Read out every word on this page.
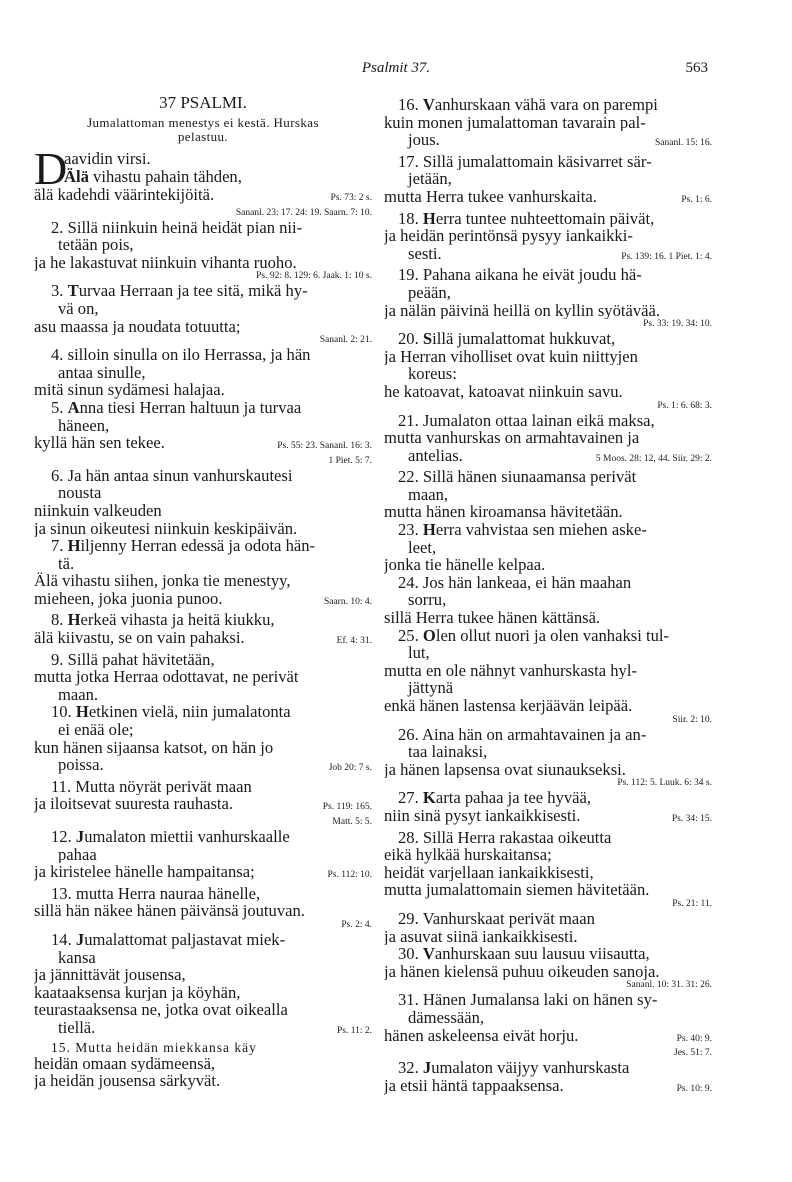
Psalmit 37.	563
37 PSALMI.
Jumalattoman menestys ei kestä. Hurskas
pelastuu.
D
aavidin virsi.
Älä vihastu pahain tähden,
älä kadehdi väärintekijöitä.	Ps. 73: 2 s.
Sananl. 23: 17. 24: 19. Saarn. 7: 10.
2. Sillä niinkuin heinä heidät pian nii-
tetään pois,
ja he lakastuvat niinkuin vihanta ruoho.
Ps. 92: 8. 129: 6. Jaak. 1: 10 s.
3. Turvaa Herraan ja tee sitä, mikä hy-
vä on,
asu maassa ja noudata totuutta;
Sananl. 2: 21.
4. silloin sinulla on ilo Herrassa, ja hän
antaa sinulle,
mitä sinun sydämesi halajaa.
5. Anna tiesi Herran haltuun ja turvaa
häneen,
kyllä hän sen tekee.	Ps. 55: 23. Sananl. 16: 3.
1 Piet. 5: 7.
6. Ja hän antaa sinun vanhurskautesi
nousta
niinkuin valkeuden
ja sinun oikeutesi niinkuin keskipäivän.
7. Hiljenny Herran edessä ja odota hän-
tä.
Älä vihastu siihen, jonka tie menestyy,
mieheen, joka juonia punoo.	Saarn. 10: 4.
8. Herkeä vihasta ja heitä kiukku,
älä kiivastu, se on vain pahaksi.	Ef. 4: 31.
9. Sillä pahat hävitetään,
mutta jotka Herraa odottavat, ne perivät
maan.
10. Hetkinen vielä, niin jumalatonta
ei enää ole;
kun hänen sijaansa katsot, on hän jo
poissa.	Job 20: 7 s.
11. Mutta nöyrät perivät maan
ja iloitsevat suuresta rauhasta.	Ps. 119: 165.
Matt. 5: 5.
12. Jumalaton miettii vanhurskaalle
pahaa
ja kiristelee hänelle hampaitansa;	Ps. 112: 10.
13. mutta Herra nauraa hänelle,
sillä hän näkee hänen päivänsä joutuvan.
Ps. 2: 4.
14. Jumalattomat paljastavat miek-
kansa
ja jännittävät jousensa,
kaataaksensa kurjan ja köyhän,
teurastaaksensa ne, jotka ovat oikealla
tiellä.	Ps. 11: 2.
15. Mutta heidän miekkansa käy
heidän omaan sydämeensä,
ja heidän jousensa särkyvät.
16. Vanhurskaan vähä vara on parempi
kuin monen jumalattoman tavarain pal-
jous.	Sananl. 15: 16.
17. Sillä jumalattomain käsivarret sär-
jetään,
mutta Herra tukee vanhurskaita.	Ps. 1: 6.
18. Herra tuntee nuhteettomain päivät,
ja heidän perintönsä pysyy iankaikki-
sesti.	Ps. 139: 16. 1 Piet. 1: 4.
19. Pahana aikana he eivät joudu hä-
peään,
ja nälän päivinä heillä on kyllin syötävää.
Ps. 33: 19. 34: 10.
20. Sillä jumalattomat hukkuvat,
ja Herran viholliset ovat kuin niittyjen
koreus:
he katoavat, katoavat niinkuin savu.
Ps. 1: 6. 68: 3.
21. Jumalaton ottaa lainan eikä maksa,
mutta vanhurskas on armahtavainen ja
antelias.	5 Moos. 28: 12, 44. Siir. 29: 2.
22. Sillä hänen siunaamansa perivät
maan,
mutta hänen kiroamansa hävitetään.
23. Herra vahvistaa sen miehen aske-
leet,
jonka tie hänelle kelpaa.
24. Jos hän lankeaa, ei hän maahan
sorru,
sillä Herra tukee hänen kättänsä.
25. Olen ollut nuori ja olen vanhaksi tul-
lut,
mutta en ole nähnyt vanhurskasta hyl-
jättynä
enkä hänen lastensa kerjäävän leipää.
Siir. 2: 10.
26. Aina hän on armahtavainen ja an-
taa lainaksi,
ja hänen lapsensa ovat siunaukseksi.
Ps. 112: 5. Luuk. 6: 34 s.
27. Karta pahaa ja tee hyvää,
niin sinä pysyt iankaikkisesti.	Ps. 34: 15.
28. Sillä Herra rakastaa oikeutta
eikä hylkää hurskaitansa;
heidät varjellaan iankaikkisesti,
mutta jumalattomain siemen hävitetään.
Ps. 21: 11.
29. Vanhurskaat perivät maan
ja asuvat siinä iankaikkisesti.
30. Vanhurskaan suu lausuu viisautta,
ja hänen kielensä puhuu oikeuden sanoja.
Sananl. 10: 31. 31: 26.
31. Hänen Jumalansa laki on hänen sy-
dämessään,
hänen askeleensa eivät horju.	Ps. 40: 9.
Jes. 51: 7.
32. Jumalaton väijyy vanhurskasta
ja etsii häntä tappaaksensa.	Ps. 10: 9.
